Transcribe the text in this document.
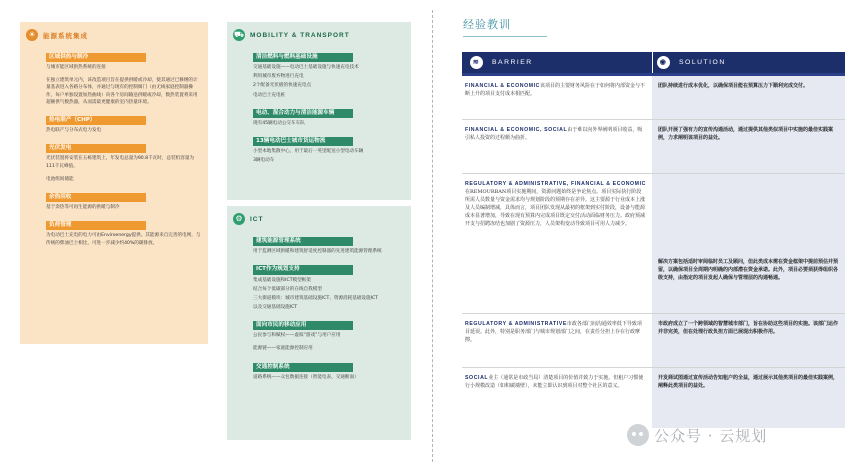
☀	能源系统集成
区域供热与制冷
与城市能区域供热系统的连接
在独立建筑单元内，该改造项目旨在提供供暖或冷却，使其通过已修缮的计量基表进入各路分布体，并通过与现有的控制阀门（由无线家庭控制器操作，每户单独设置加热曲线）向各个房间输送供暖或冷却，数热装置将采用超额供气数热器，从而需最更健康的室内热量环境。
热电联产（CHP）
热电联产与分布式电力发电
光伏发电
光伏装置将安装在五栋建筑上，年发电总量为90.8千瓦时，总装机容量为111千瓦峰值。
电池组间储能
余热回收
基于余热等可再生能源的供暖与制冷
负荷管理
为电动巴士充电的电力可由Enviroenergy提供。其能源来自完善的电网，与传统的柴油巴士相比，可进一步减少约40%的碳排放。
⛟ MOBILITY & TRANSPORT
清洁燃料与燃料基础设施
交通基础设施——电动巴士基础设施与快速充电技术
利用城市废弃物进行充电
2个配备光伏板的快速充电点
电动巴士充电桩
电动、混合动力与清洁能源车辆
现有45辆电动公交车车队
13辆电动巴士城市货运物流
小型本地集散中心，用于最后一英里配送小型电动车辆
3辆电动车
⚙	ICT
建筑能源管理系统
用于监测区域供暖和建筑舒适度控制器的先进建筑能源管理系统
ICT作为规划支持
集成基础设施和ICT模型框架
结合每个低碳部分的在线自我模型
三大街道模块：城市建筑基础设施ICT、资源消耗基础设施ICT
以及交通基础设施ICT
面向市民的移动应用
公民参与和赋权——虚拟“游戏”与用户应用
能源链——家庭能源控制应用
交通控制系统
道路系统——众包数据连接（智能电表、交通断面）
经验教训
≋	BARRIER	◉	SOLUTION
FINANCIAL & ECONOMIC该项目的主要财务风险在于如何将内部资金与不断上升的项目支付成本相匹配。
团队持续进行成本优化，以确保项目能在预算压力下顺利完成交付。
FINANCIAL & ECONOMIC, SOCIAL由于难以向外界阐明项目收益，吸引私人投资的过程颇为曲折。
团队开展了强有力的宣传沟通活动，通过提供其他类似项目中实施的最佳实践案例，力求阐明该项目的益处。
REGULATORY & ADMINISTRATIVE, FINANCIAL & ECONOMIC在REMOURBAN项目实施期间，资源问题始终是争论焦点。项目实际执行阶段所需人员数量与资金需求均与规划阶段的预期存在差异。这主要源于行业成本上涨及人员编制增减，具体而言，项目团队发现从最初的框架到实付阶段，设备与能源成本显著增加，导致在现有预算内完成项目既定交付活动面临财务压力。政府预减开支与招聘冻结也加剧了资源压力，人员架构变动导致项目可用人力减少。
解决方案包括适时审阅临时员工及顾问，但此类成本需在资金框架中提前预估并预留，以确保项目全周期内明确的内部潜在资金承诺。此外，项目必要须获得组织各级支持，由指定的项目发起人确保与管理层的沟通畅通。
REGULATORY & ADMINISTRATIVE市政各部门间沟通效率低下导致项目延误。此外，特别是职务部门与城市规划部门之间，在责任分担上存在行政摩擦。
市政府成立了一个跨领域的智慧城市部门，旨在协助这些项目的实施。该部门运作并非完美，但在处理行政负担方面已展现出积极作用。
SOCIAL业主（通常是市政当局）清楚项目的价值并致力于实施。但租户习惯使行小规模改造（如积碳墙壁），未能立即认识到项目对整个社区的意义。
开发商试图通过宣传活动告知租户的全益，通过展示其他类项目的最佳实践案例，阐释此类项目的益处。
公众号 · 云规划
